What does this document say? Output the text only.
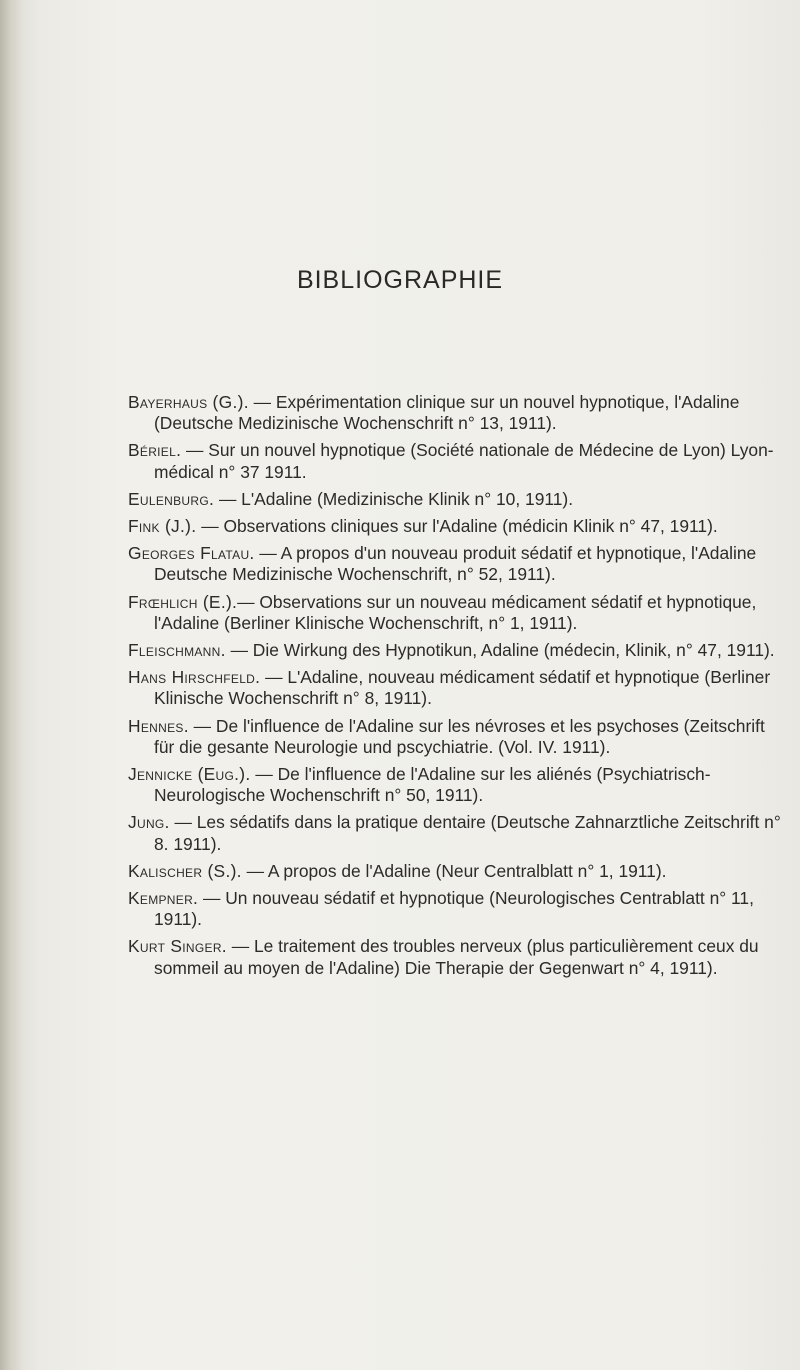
BIBLIOGRAPHIE
Bayerhaus (G.). — Expérimentation clinique sur un nouvel hypnotique, l'Adaline (Deutsche Medizinische Wochenschrift n° 13, 1911).
Bériel. — Sur un nouvel hypnotique (Société nationale de Médecine de Lyon) Lyon-médical n° 37 1911.
Eulenburg. — L'Adaline (Medizinische Klinik n° 10, 1911).
Fink (J.). — Observations cliniques sur l'Adaline (médicin Klinik n° 47, 1911).
Georges Flatau. — A propos d'un nouveau produit sédatif et hypnotique, l'Adaline Deutsche Medizinische Wochenschrift, n° 52, 1911).
Frœhlich (E.).— Observations sur un nouveau médicament sédatif et hypnotique, l'Adaline (Berliner Klinische Wochenschrift, n° 1, 1911).
Fleischmann. — Die Wirkung des Hypnotikun, Adaline (médecin, Klinik, n° 47, 1911).
Hans Hirschfeld. — L'Adaline, nouveau médicament sédatif et hypnotique (Berliner Klinische Wochenschrift n° 8, 1911).
Hennes. — De l'influence de l'Adaline sur les névroses et les psychoses (Zeitschrift für die gesante Neurologie und pscychiatrie. (Vol. IV. 1911).
Jennicke (Eug.). — De l'influence de l'Adaline sur les aliénés (Psychiatrisch-Neurologische Wochenschrift n° 50, 1911).
Jung. — Les sédatifs dans la pratique dentaire (Deutsche Zahnarztliche Zeitschrift n° 8. 1911).
Kalischer (S.). — A propos de l'Adaline (Neur Centralblatt n° 1, 1911).
Kempner. — Un nouveau sédatif et hypnotique (Neurologisches Centrablatt n° 11, 1911).
Kurt Singer. — Le traitement des troubles nerveux (plus particulièrement ceux du sommeil au moyen de l'Adaline) Die Therapie der Gegenwart n° 4, 1911).
